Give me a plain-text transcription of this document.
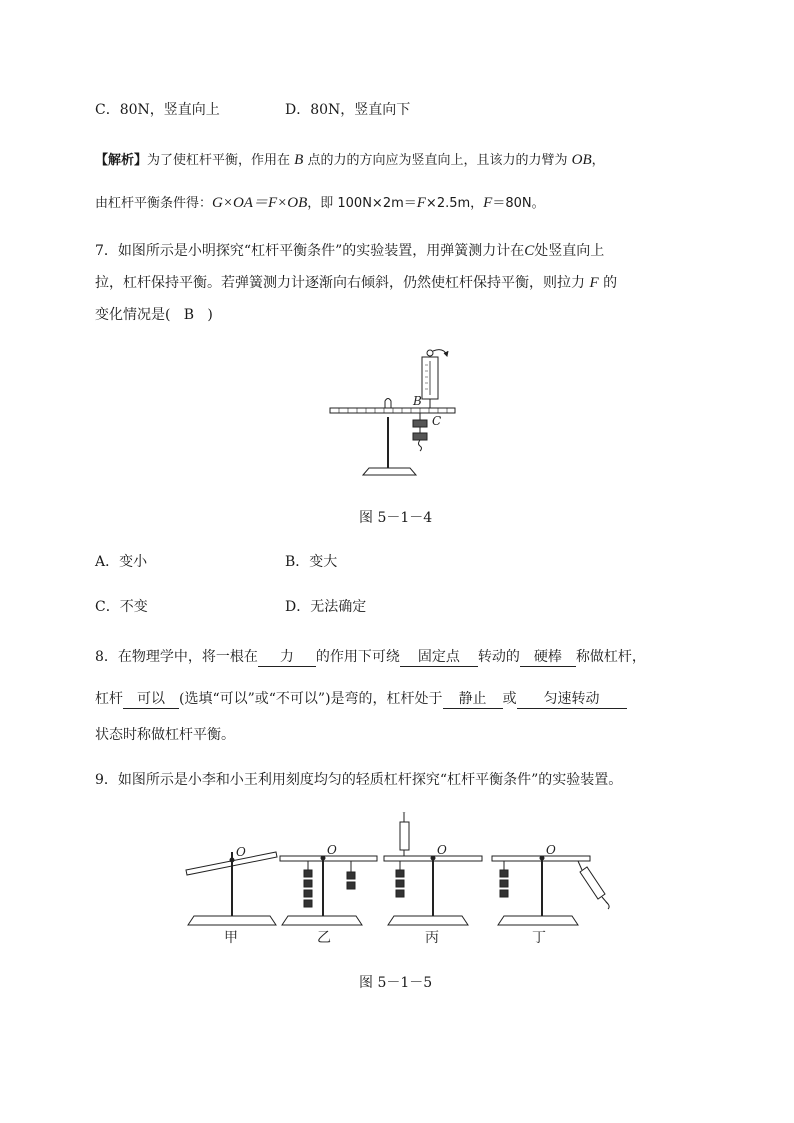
C．80N，竖直向上	D．80N，竖直向下
【解析】为了使杠杆平衡，作用在 B 点的力的方向应为竖直向上，且该力的力臂为 OB，
由杠杆平衡条件得：G×OA＝F×OB，即 100N×2m＝F×2.5m，F＝80N。
7．如图所示是小明探究“杠杆平衡条件”的实验装置，用弹簧测力计在C处竖直向上
拉，杠杆保持平衡。若弹簧测力计逐渐向右倾斜，仍然使杠杆保持平衡，则拉力 F 的
变化情况是( B )
B
C
图 5－1－4
A．变小	B．变大
C．不变	D．无法确定
8．在物理学中，将一根在 力 的作用下可绕 固定点 转动的 硬棒 称做杠杆，
杠杆 可以 (选填“可以”或“不可以”)是弯的，杠杆处于 静止 或 匀速转动
状态时称做杠杆平衡。
9．如图所示是小李和小王利用刻度均匀的轻质杠杆探究“杠杆平衡条件”的实验装置。
O	O	O	O
甲	乙	丙	丁
图 5－1－5
